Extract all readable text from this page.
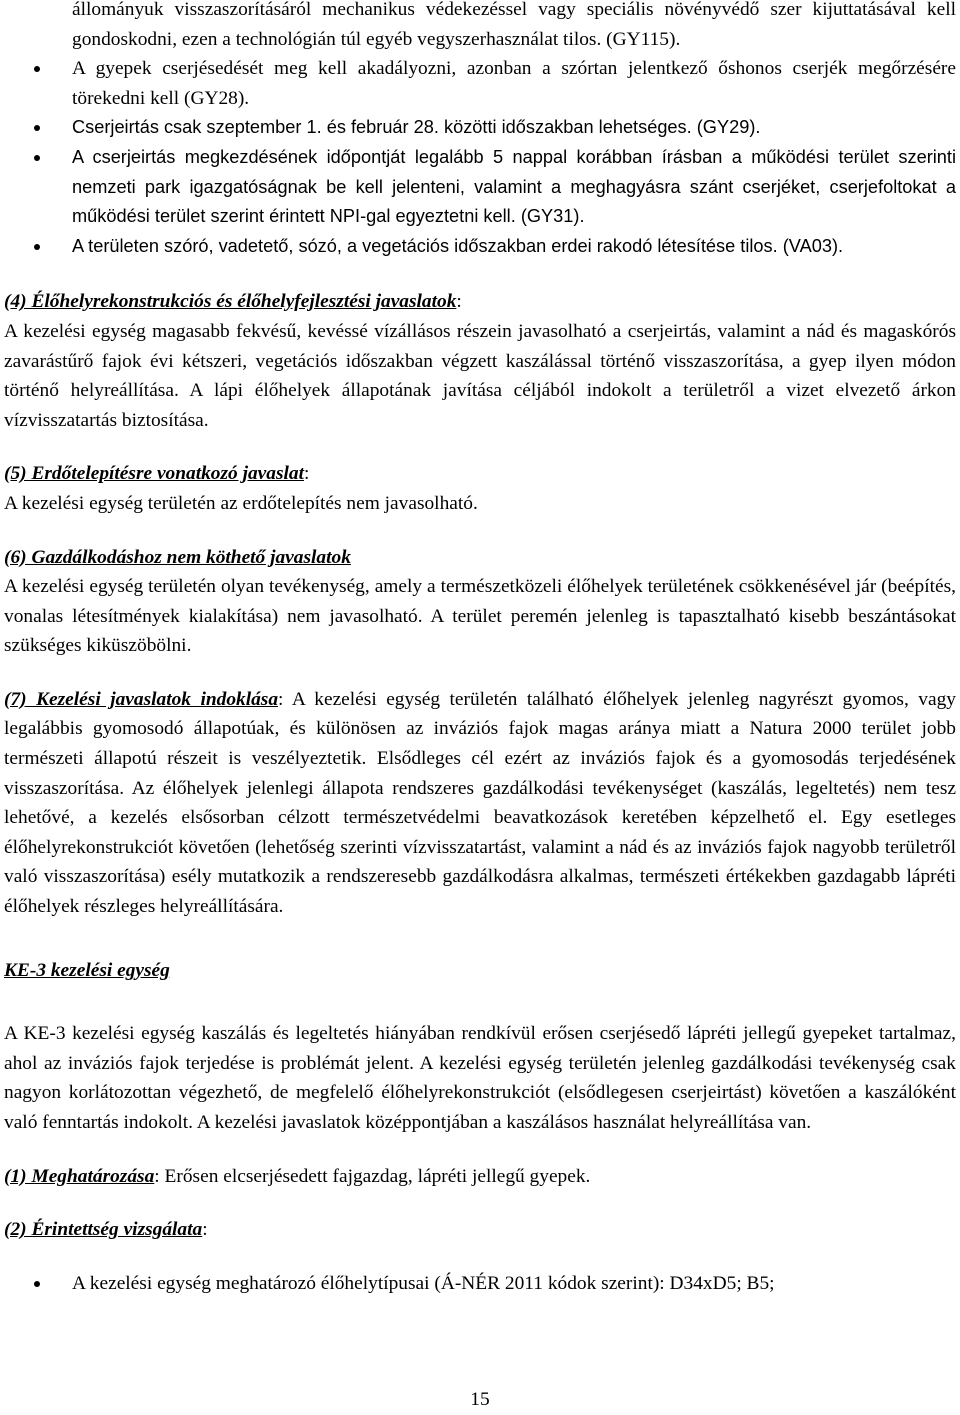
állományuk visszaszorításáról mechanikus védekezéssel vagy speciális növényvédő szer kijuttatásával kell gondoskodni, ezen a technológián túl egyéb vegyszerhasználat tilos. (GY115).

A gyepek cserjésedését meg kell akadályozni, azonban a szórtan jelentkező őshonos cserjék megőrzésére törekedni kell (GY28).
Cserjeirtás csak szeptember 1. és február 28. közötti időszakban lehetséges. (GY29).
A cserjeirtás megkezdésének időpontját legalább 5 nappal korábban írásban a működési terület szerinti nemzeti park igazgatóságnak be kell jelenteni, valamint a meghagyásra szánt cserjéket, cserjefoltokat a működési terület szerint érintett NPI-gal egyeztetni kell. (GY31).
A területen szóró, vadetető, sózó, a vegetációs időszakban erdei rakodó létesítése tilos. (VA03).

(4) Élőhelyrekonstrukciós és élőhelyfejlesztési javaslatok:

A kezelési egység magasabb fekvésű, kevéssé vízállásos részein javasolható a cserjeirtás, valamint a nád és magaskórós zavarástűrő fajok évi kétszeri, vegetációs időszakban végzett kaszálással történő visszaszorítása, a gyep ilyen módon történő helyreállítása. A lápi élőhelyek állapotának javítása céljából indokolt a területről a vizet elvezető árkon vízvisszatartás biztosítása.

(5) Erdőtelepítésre vonatkozó javaslat:

A kezelési egység területén az erdőtelepítés nem javasolható.

(6) Gazdálkodáshoz nem köthető javaslatok

A kezelési egység területén olyan tevékenység, amely a természetközeli élőhelyek területének csökkenésével jár (beépítés, vonalas létesítmények kialakítása) nem javasolható. A terület peremén jelenleg is tapasztalható kisebb beszántásokat szükséges kiküszöbölni.

(7) Kezelési javaslatok indoklása: A kezelési egység területén található élőhelyek jelenleg nagyrészt gyomos, vagy legalábbis gyomosodó állapotúak, és különösen az inváziós fajok magas aránya miatt a Natura 2000 terület jobb természeti állapotú részeit is veszélyeztetik. Elsődleges cél ezért az inváziós fajok és a gyomosodás terjedésének visszaszorítása. Az élőhelyek jelenlegi állapota rendszeres gazdálkodási tevékenységet (kaszálás, legeltetés) nem tesz lehetővé, a kezelés elsősorban célzott természetvédelmi beavatkozások keretében képzelhető el. Egy esetleges élőhelyrekonstrukciót követően (lehetőség szerinti vízvisszatartást, valamint a nád és az inváziós fajok nagyobb területről való visszaszorítása) esély mutatkozik a rendszeresebb gazdálkodásra alkalmas, természeti értékekben gazdagabb lápréti élőhelyek részleges helyreállítására.

KE-3 kezelési egység

A KE-3 kezelési egység kaszálás és legeltetés hiányában rendkívül erősen cserjésedő lápréti jellegű gyepeket tartalmaz, ahol az inváziós fajok terjedése is problémát jelent. A kezelési egység területén jelenleg gazdálkodási tevékenység csak nagyon korlátozottan végezhető, de megfelelő élőhelyrekonstrukciót (elsődlegesen cserjeirtást) követően a kaszálóként való fenntartás indokolt. A kezelési javaslatok középpontjában a kaszálásos használat helyreállítása van.

(1) Meghatározása: Erősen elcserjésedett fajgazdag, lápréti jellegű gyepek.

(2) Érintettség vizsgálata:

A kezelési egység meghatározó élőhelytípusai (Á-NÉR 2011 kódok szerint): D34xD5; B5;
15
